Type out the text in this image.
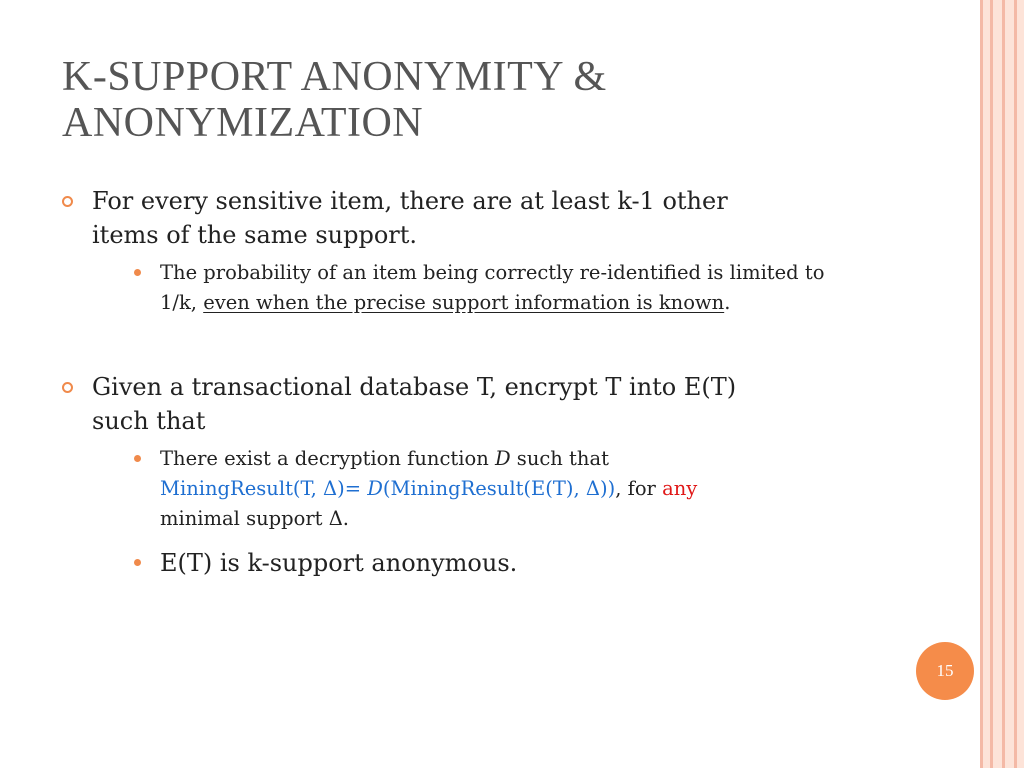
K-SUPPORT ANONYMITY &
ANONYMIZATION
For every sensitive item, there are at least k-1 other
items of the same support.
The probability of an item being correctly re-identified is limited to 1/k, even when the precise support information is known.
Given a transactional database T, encrypt T into E(T)
such that
There exist a decryption function D such that
MiningResult(T, Δ)= D(MiningResult(E(T), Δ)), for any
minimal support Δ.
E(T) is k-support anonymous.
15
